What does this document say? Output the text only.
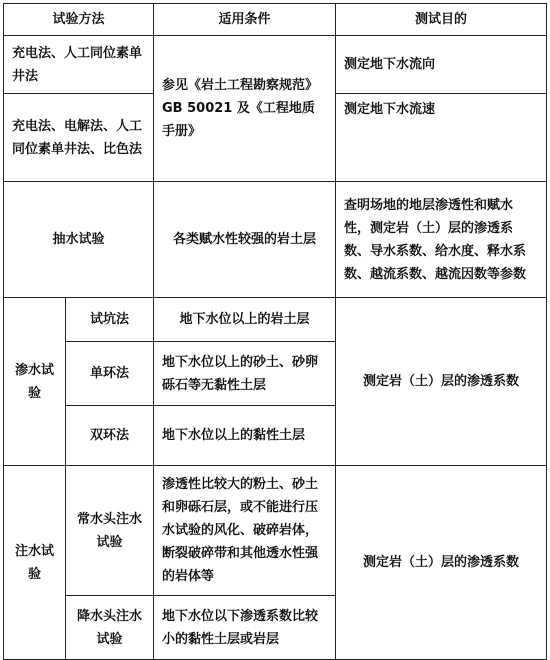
试验方法		适用条件	测试目的
充电法、人工同位素单井法		参见《岩土工程勘察规范》GB 50021 及《工程地质手册》	测定地下水流向
充电法、电解法、人工同位素单井法、比色法			测定地下水流速
抽水试验		各类赋水性较强的岩土层	查明场地的地层渗透性和赋水性，测定岩（土）层的渗透系数、导水系数、给水度、释水系数、越流系数、越流因数等参数
渗水试验	试坑法	地下水位以上的岩土层	测定岩（土）层的渗透系数
	单环法	地下水位以上的砂土、砂卵砾石等无黏性土层	
	双环法	地下水位以上的黏性土层	
注水试验	常水头注水试验	渗透性比较大的粉土、砂土和卵砾石层，或不能进行压水试验的风化、破碎岩体，断裂破碎带和其他透水性强的岩体等	测定岩（土）层的渗透系数
	降水头注水试验	地下水位以下渗透系数比较小的黏性土层或岩层	
